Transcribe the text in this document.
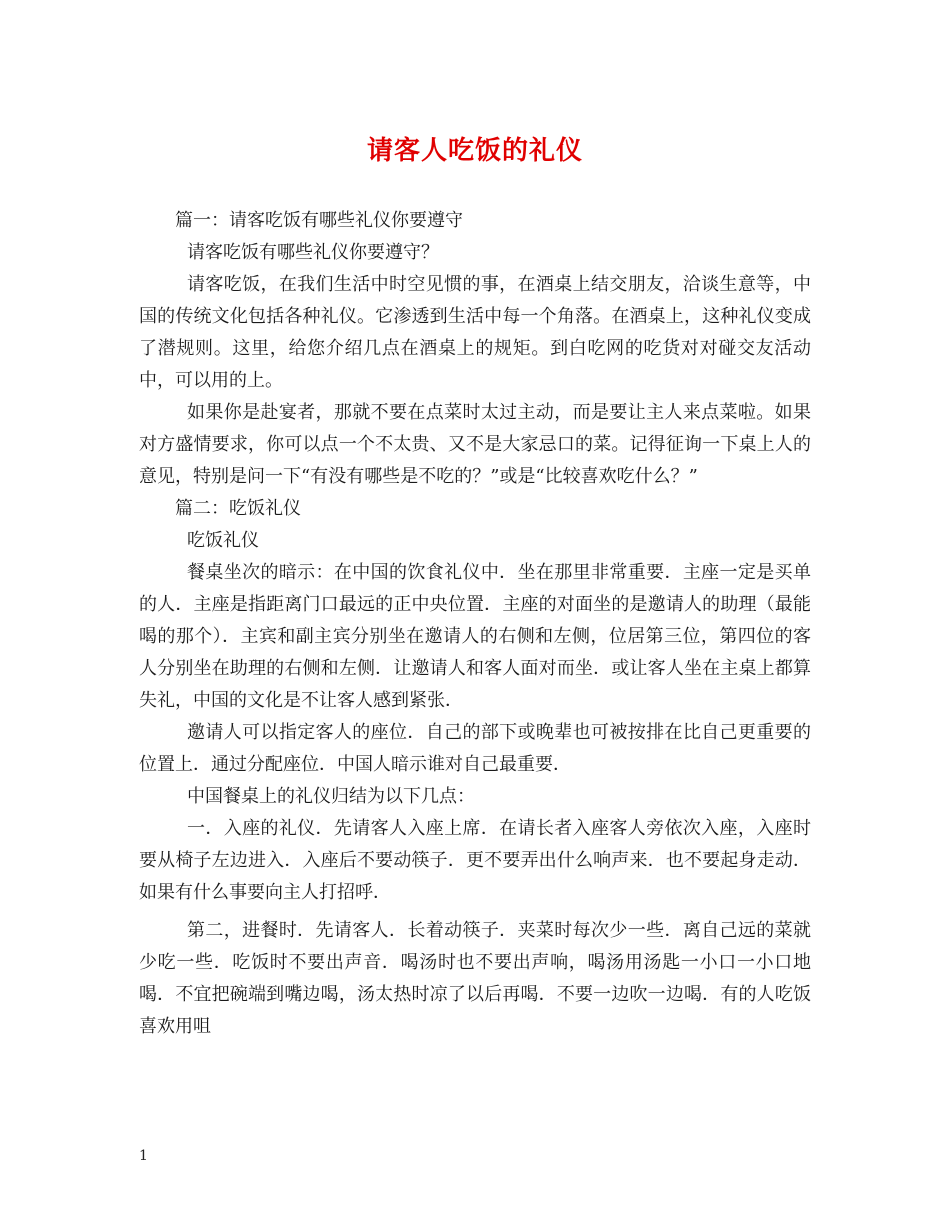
请客人吃饭的礼仪

篇一：请客吃饭有哪些礼仪你要遵守

请客吃饭有哪些礼仪你要遵守？

请客吃饭，在我们生活中时空见惯的事，在酒桌上结交朋友，洽谈生意等，中国的传统文化包括各种礼仪。它渗透到生活中每一个角落。在酒桌上，这种礼仪变成了潜规则。这里，给您介绍几点在酒桌上的规矩。到白吃网的吃货对对碰交友活动中，可以用的上。

如果你是赴宴者，那就不要在点菜时太过主动，而是要让主人来点菜啦。如果对方盛情要求，你可以点一个不太贵、又不是大家忌口的菜。记得征询一下桌上人的意见，特别是问一下“有没有哪些是不吃的？”或是“比较喜欢吃什么？”

篇二：吃饭礼仪

吃饭礼仪

餐桌坐次的暗示：在中国的饮食礼仪中．坐在那里非常重要．主座一定是买单的人．主座是指距离门口最远的正中央位置．主座的对面坐的是邀请人的助理（最能喝的那个）．主宾和副主宾分别坐在邀请人的右侧和左侧，位居第三位，第四位的客人分别坐在助理的右侧和左侧．让邀请人和客人面对而坐．或让客人坐在主桌上都算失礼，中国的文化是不让客人感到紧张．

邀请人可以指定客人的座位．自己的部下或晚辈也可被按排在比自己更重要的位置上．通过分配座位．中国人暗示谁对自己最重要．

中国餐桌上的礼仪归结为以下几点：

一．入座的礼仪．先请客人入座上席．在请长者入座客人旁依次入座，入座时要从椅子左边进入．入座后不要动筷子．更不要弄出什么响声来．也不要起身走动．如果有什么事要向主人打招呼．

第二，进餐时．先请客人．长着动筷子．夹菜时每次少一些．离自己远的菜就少吃一些．吃饭时不要出声音．喝汤时也不要出声响，喝汤用汤匙一小口一小口地喝．不宜把碗端到嘴边喝，汤太热时凉了以后再喝．不要一边吹一边喝．有的人吃饭喜欢用咀

1
